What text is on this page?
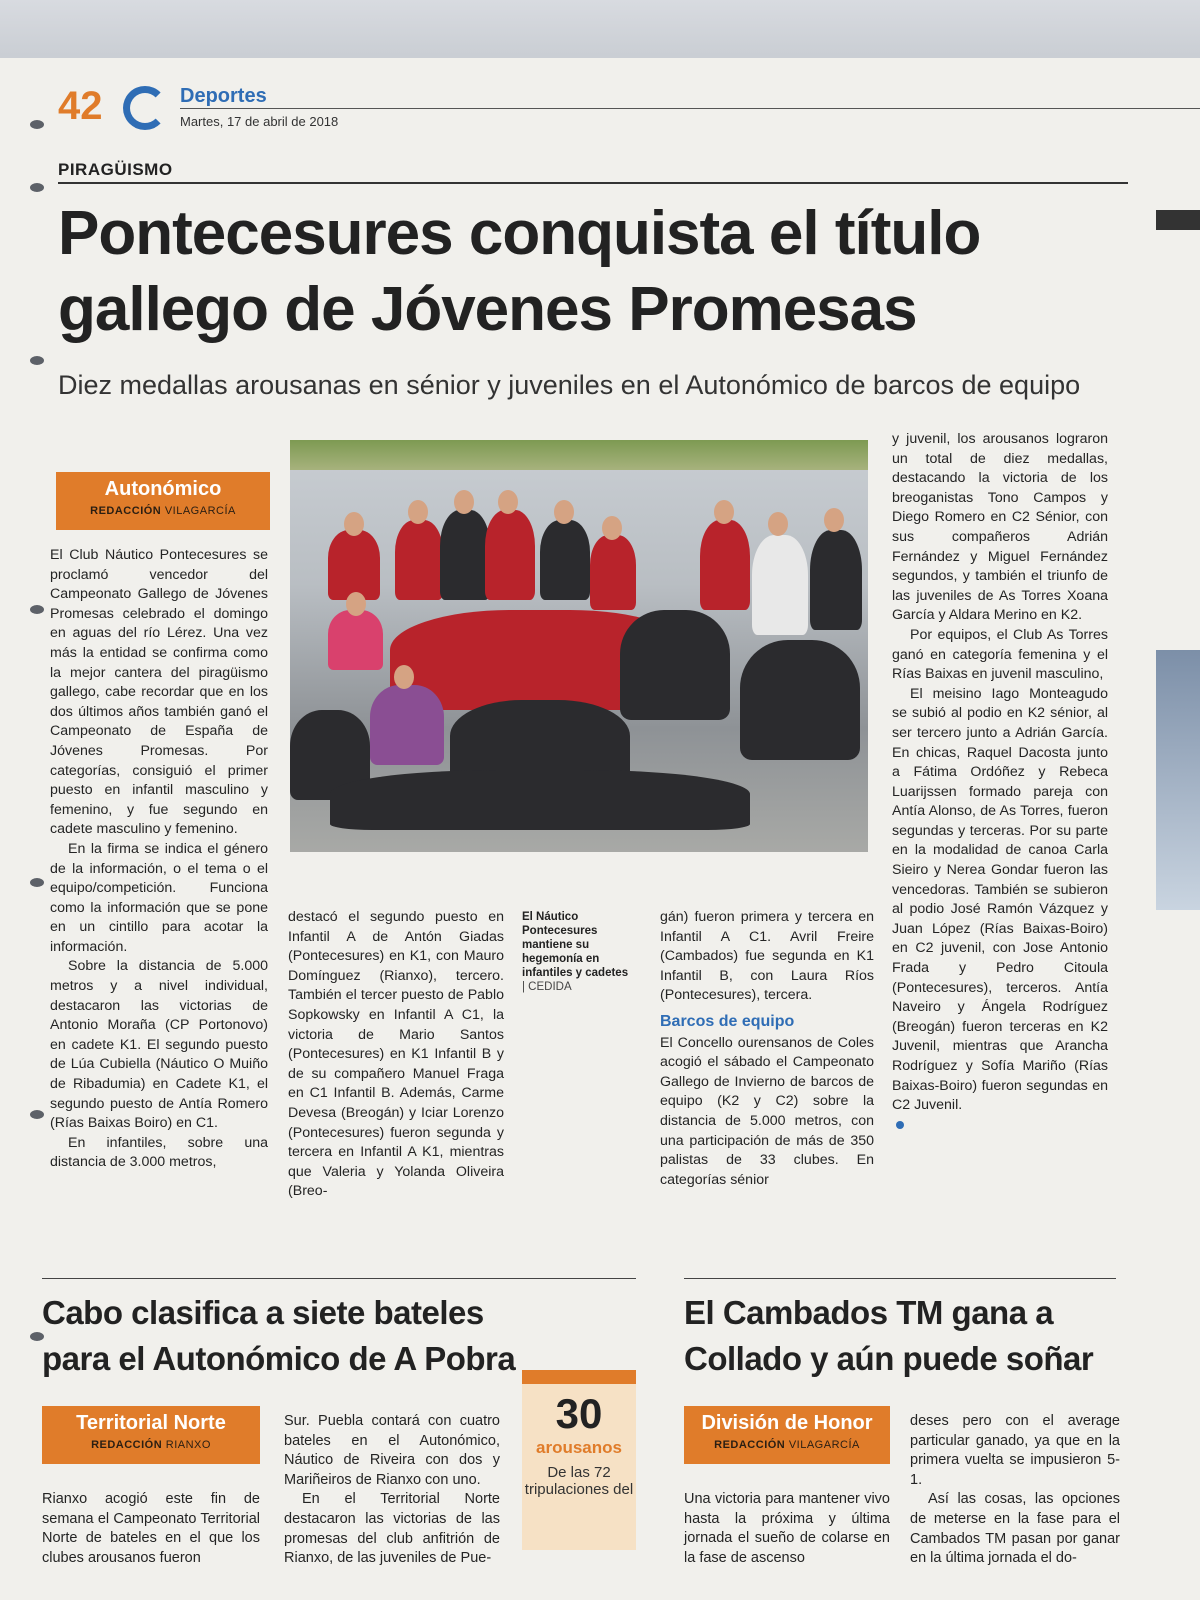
42	Deportes
Martes, 17 de abril de 2018
PIRAGÜISMO
Pontecesures conquista el título
gallego de Jóvenes Promesas
Diez medallas arousanas en sénior y juveniles en el Autonómico de barcos de equipo
Autonómico
REDACCIÓN VILAGARCÍA

El Club Náutico Pontecesures se proclamó vencedor del Campeonato Gallego de Jóvenes Promesas celebrado el domingo en aguas del río Lérez. Una vez más la entidad se confirma como la mejor cantera del piragüismo gallego, cabe recordar que en los dos últimos años también ganó el Campeonato de España de Jóvenes Promesas. Por categorías, consiguió el primer puesto en infantil masculino y femenino, y fue segundo en cadete masculino y femenino.

En la firma se indica el género de la información, o el tema o el equipo/competición. Funciona como la información que se pone en un cintillo para acotar la información.

Sobre la distancia de 5.000 metros y a nivel individual, destacaron las victorias de Antonio Moraña (CP Portonovo) en cadete K1. El segundo puesto de Lúa Cubiella (Náutico O Muiño de Ribadumia) en Cadete K1, el segundo puesto de Antía Romero (Rías Baixas Boiro) en C1.

En infantiles, sobre una distancia de 3.000 metros,

El Náutico Pontecesures mantiene su hegemonía en infantiles y cadetes
| CEDIDA

destacó el segundo puesto en Infantil A de Antón Giadas (Pontecesures) en K1, con Mauro Domínguez (Rianxo), tercero. También el tercer puesto de Pablo Sopkowsky en Infantil A C1, la victoria de Mario Santos (Pontecesures) en K1 Infantil B y de su compañero Manuel Fraga en C1 Infantil B. Además, Carme Devesa (Breogán) y Iciar Lorenzo (Pontecesures) fueron segunda y tercera en Infantil A K1, mientras que Valeria y Yolanda Oliveira (Breo-

gán) fueron primera y tercera en Infantil A C1. Avril Freire (Cambados) fue segunda en K1 Infantil B, con Laura Ríos (Pontecesures), tercera.

Barcos de equipo

El Concello ourensanos de Coles acogió el sábado el Campeonato Gallego de Invierno de barcos de equipo (K2 y C2) sobre la distancia de 5.000 metros, con una participación de más de 350 palistas de 33 clubes. En categorías sénior

y juvenil, los arousanos lograron un total de diez medallas, destacando la victoria de los breoganistas Tono Campos y Diego Romero en C2 Sénior, con sus compañeros Adrián Fernández y Miguel Fernández segundos, y también el triunfo de las juveniles de As Torres Xoana García y Aldara Merino en K2.

Por equipos, el Club As Torres ganó en categoría femenina y el Rías Baixas en juvenil masculino,

El meisino Iago Monteagudo se subió al podio en K2 sénior, al ser tercero junto a Adrián García. En chicas, Raquel Dacosta junto a Fátima Ordóñez y Rebeca Luarijssen formado pareja con Antía Alonso, de As Torres, fueron segundas y terceras. Por su parte en la modalidad de canoa Carla Sieiro y Nerea Gondar fueron las vencedoras. También se subieron al podio José Ramón Vázquez y Juan López (Rías Baixas-Boiro) en C2 juvenil, con Jose Antonio Frada y Pedro Citoula (Pontecesures), terceros. Antía Naveiro y Ángela Rodríguez (Breogán) fueron terceras en K2 Juvenil, mientras que Arancha Rodríguez y Sofía Mariño (Rías Baixas-Boiro) fueron segundas en C2 Juvenil.

Cabo clasifica a siete bateles
para el Autonómico de A Pobra
Territorial Norte
REDACCIÓN RIANXO

Rianxo acogió este fin de semana el Campeonato Territorial Norte de bateles en el que los clubes arousanos fueron

Sur. Puebla contará con cuatro bateles en el Autonómico, Náutico de Riveira con dos y Mariñeiros de Rianxo con uno.

En el Territorial Norte destacaron las victorias de las promesas del club anfitrión de Rianxo, de las juveniles de Pue-

30
arousanos
De las 72 tripulaciones del
El Cambados TM gana a
Collado y aún puede soñar
División de Honor
REDACCIÓN VILAGARCÍA

Una victoria para mantener vivo hasta la próxima y última jornada el sueño de colarse en la fase de ascenso

deses pero con el average particular ganado, ya que en la primera vuelta se impusieron 5-1.

Así las cosas, las opciones de meterse en la fase para el Cambados TM pasan por ganar en la última jornada el do-
